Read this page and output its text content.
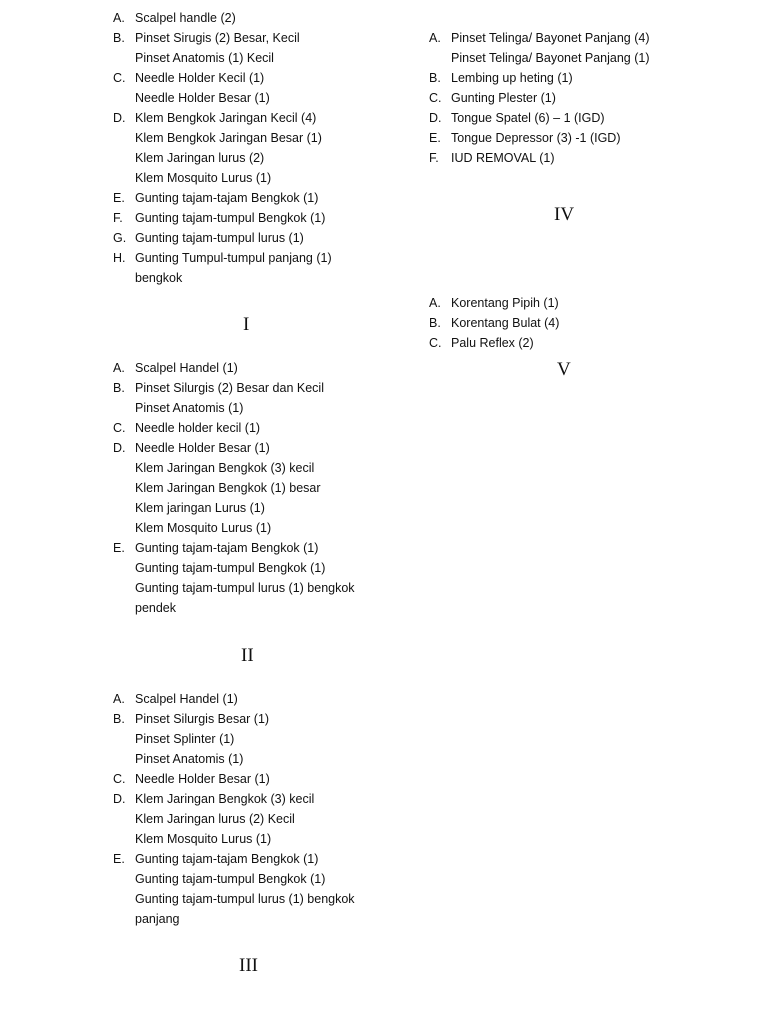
A. Scalpel handle (2)
B. Pinset Sirugis (2) Besar, Kecil
Pinset Anatomis (1) Kecil
C. Needle Holder Kecil (1)
Needle Holder Besar (1)
D. Klem Bengkok Jaringan Kecil (4)
Klem Bengkok Jaringan Besar (1)
Klem Jaringan lurus (2)
Klem Mosquito Lurus (1)
E. Gunting tajam-tajam Bengkok (1)
F. Gunting tajam-tumpul Bengkok (1)
G. Gunting tajam-tumpul lurus (1)
H. Gunting Tumpul-tumpul panjang (1)
bengkok
I
A. Scalpel Handel (1)
B. Pinset Silurgis (2) Besar dan Kecil
Pinset Anatomis (1)
C. Needle holder kecil (1)
D. Needle Holder Besar (1)
Klem Jaringan Bengkok (3) kecil
Klem Jaringan Bengkok (1) besar
Klem jaringan Lurus (1)
Klem Mosquito Lurus (1)
E. Gunting tajam-tajam Bengkok (1)
Gunting tajam-tumpul Bengkok (1)
Gunting tajam-tumpul lurus (1) bengkok
pendek
II
A. Scalpel Handel (1)
B. Pinset Silurgis Besar (1)
Pinset Splinter (1)
Pinset Anatomis (1)
C. Needle Holder Besar (1)
D. Klem Jaringan Bengkok (3) kecil
Klem Jaringan lurus (2) Kecil
Klem Mosquito Lurus (1)
E. Gunting tajam-tajam Bengkok (1)
Gunting tajam-tumpul Bengkok (1)
Gunting tajam-tumpul lurus (1) bengkok
panjang
III
A. Pinset Telinga/ Bayonet Panjang (4)
Pinset Telinga/ Bayonet Panjang (1)
B. Lembing up heting (1)
C. Gunting Plester (1)
D. Tongue Spatel (6) – 1 (IGD)
E. Tongue Depressor (3) -1 (IGD)
F. IUD REMOVAL (1)
IV
A. Korentang Pipih (1)
B. Korentang Bulat (4)
C. Palu Reflex (2)
V
